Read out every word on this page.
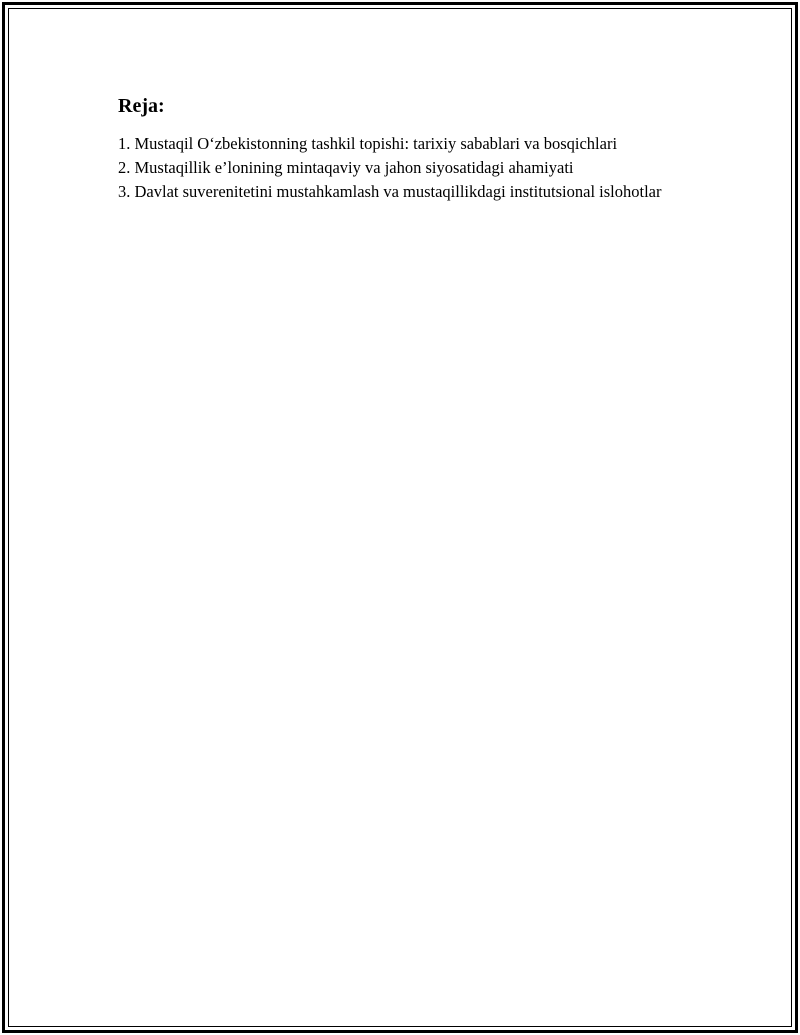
Reja:
1. Mustaqil O‘zbekistonning tashkil topishi: tarixiy sabablari va bosqichlari
2. Mustaqillik e’lonining mintaqaviy va jahon siyosatidagi ahamiyati
3. Davlat suverenitetini mustahkamlash va mustaqillikdagi institutsional islohotlar
